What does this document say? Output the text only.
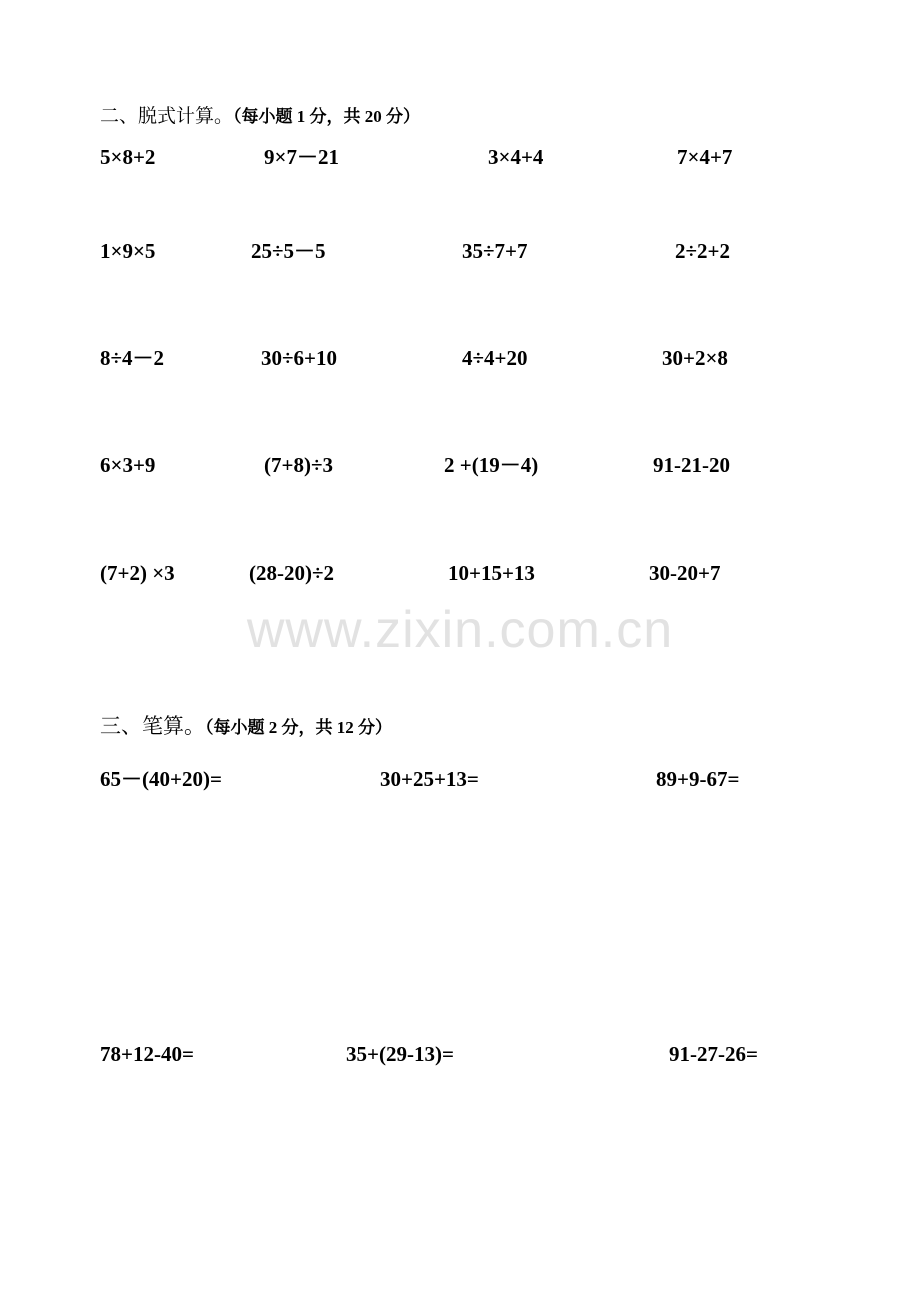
二、脱式计算。（每小题 1 分，共 20 分）
5×8+2	9×7－21	3×4+4	7×4+7
1×9×5	25÷5－5	35÷7+7	2÷2+2
8÷4－2	30÷6+10	4÷4+20	30+2×8
6×3+9	(7+8)÷3	2 +(19－4)	91-21-20
(7+2) ×3	(28-20)÷2	10+15+13	30-20+7
www.zixin.com.cn
三、笔算。（每小题 2 分，共 12 分）
65－(40+20)=	30+25+13=	89+9-67=
78+12-40=	35+(29-13)=	91-27-26=
